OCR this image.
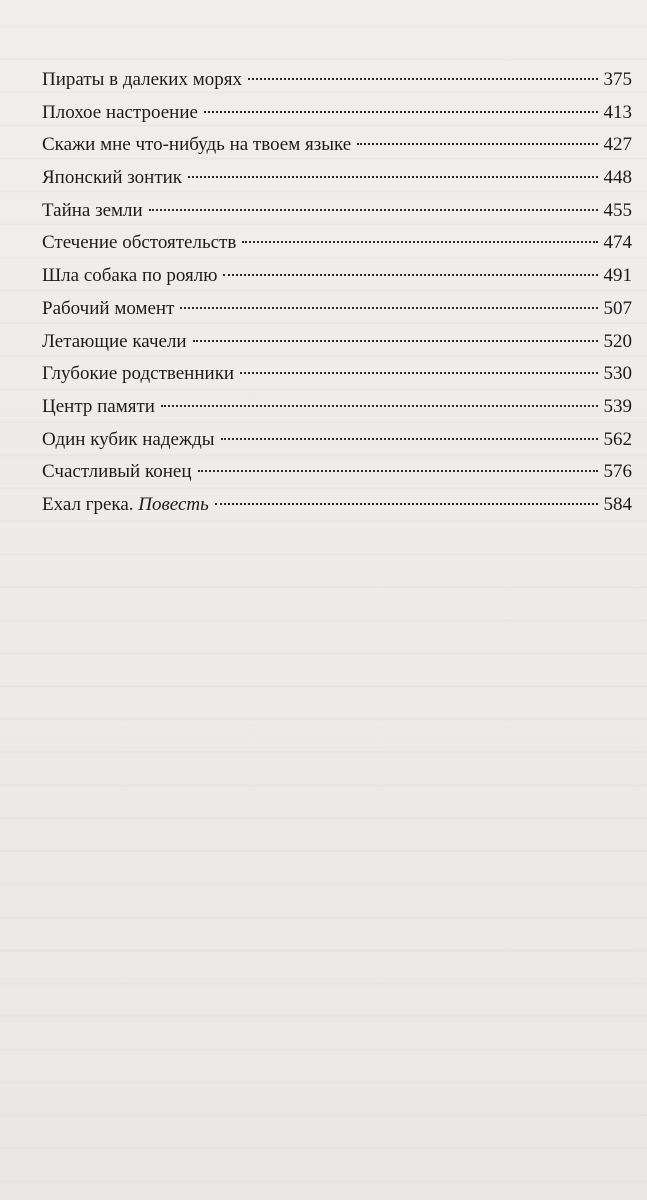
Пираты в далеких морях	375
Плохое настроение	413
Скажи мне что-нибудь на твоем языке	427
Японский зонтик	448
Тайна земли	455
Стечение обстоятельств	474
Шла собака по роялю	491
Рабочий момент	507
Летающие качели	520
Глубокие родственники	530
Центр памяти	539
Один кубик надежды	562
Счастливый конец	576
Ехал грека. Повесть	584
